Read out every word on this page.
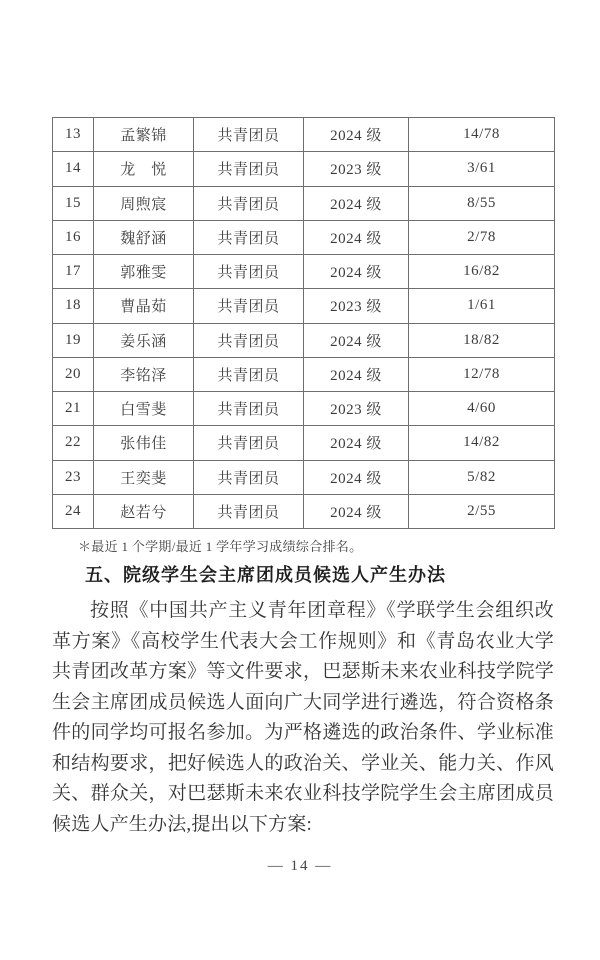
13	孟繁锦	共青团员	2024 级	14/78
14	龙　悦	共青团员	2023 级	3/61
15	周煦宸	共青团员	2024 级	8/55
16	魏舒涵	共青团员	2024 级	2/78
17	郭雅雯	共青团员	2024 级	16/82
18	曹晶茹	共青团员	2023 级	1/61
19	姜乐涵	共青团员	2024 级	18/82
20	李铭泽	共青团员	2024 级	12/78
21	白雪斐	共青团员	2023 级	4/60
22	张伟佳	共青团员	2024 级	14/82
23	王奕斐	共青团员	2024 级	5/82
24	赵若兮	共青团员	2024 级	2/55
＊最近 1 个学期/最近 1 学年学习成绩综合排名。
五、院级学生会主席团成员候选人产生办法
按照《中国共产主义青年团章程》《学联学生会组织改革方案》《高校学生代表大会工作规则》和《青岛农业大学共青团改革方案》等文件要求，巴瑟斯未来农业科技学院学生会主席团成员候选人面向广大同学进行遴选，符合资格条件的同学均可报名参加。为严格遴选的政治条件、学业标准和结构要求，把好候选人的政治关、学业关、能力关、作风关、群众关，对巴瑟斯未来农业科技学院学生会主席团成员候选人产生办法,提出以下方案:
— 14 —
